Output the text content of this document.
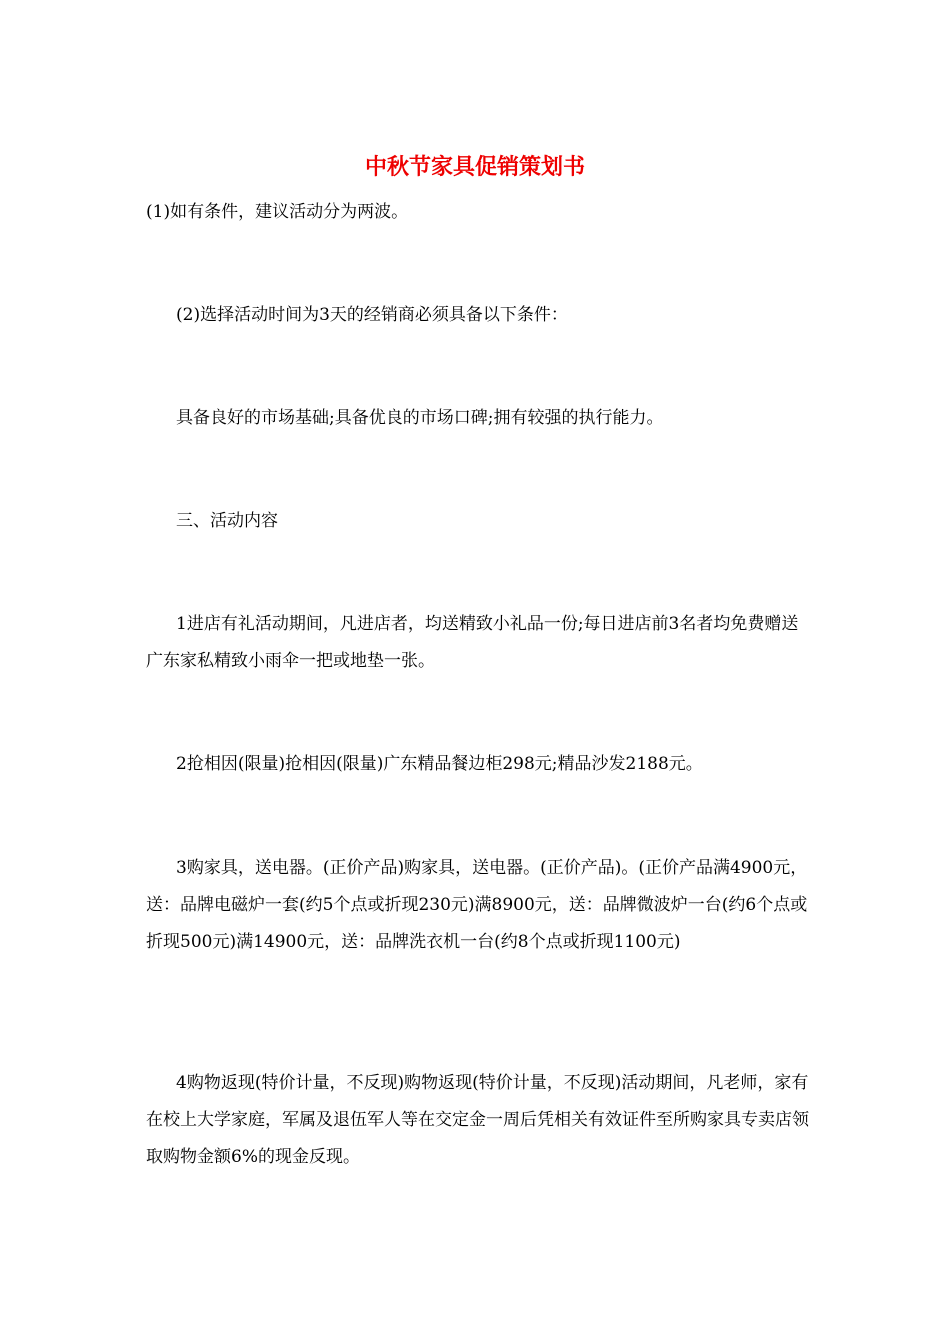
中秋节家具促销策划书

(1)如有条件，建议活动分为两波。

(2)选择活动时间为3天的经销商必须具备以下条件：

具备良好的市场基础;具备优良的市场口碑;拥有较强的执行能力。

三、活动内容

1进店有礼活动期间，凡进店者，均送精致小礼品一份;每日进店前3名者均免费赠送广东家私精致小雨伞一把或地垫一张。

2抢相因(限量)抢相因(限量)广东精品餐边柜298元;精品沙发2188元。

3购家具，送电器。(正价产品)购家具，送电器。(正价产品)。(正价产品满4900元，送：品牌电磁炉一套(约5个点或折现230元)满8900元，送：品牌微波炉一台(约6个点或折现500元)满14900元，送：品牌洗衣机一台(约8个点或折现1100元)

4购物返现(特价计量，不反现)购物返现(特价计量，不反现)活动期间，凡老师，家有在校上大学家庭，军属及退伍军人等在交定金一周后凭相关有效证件至所购家具专卖店领取购物金额6%的现金反现。
